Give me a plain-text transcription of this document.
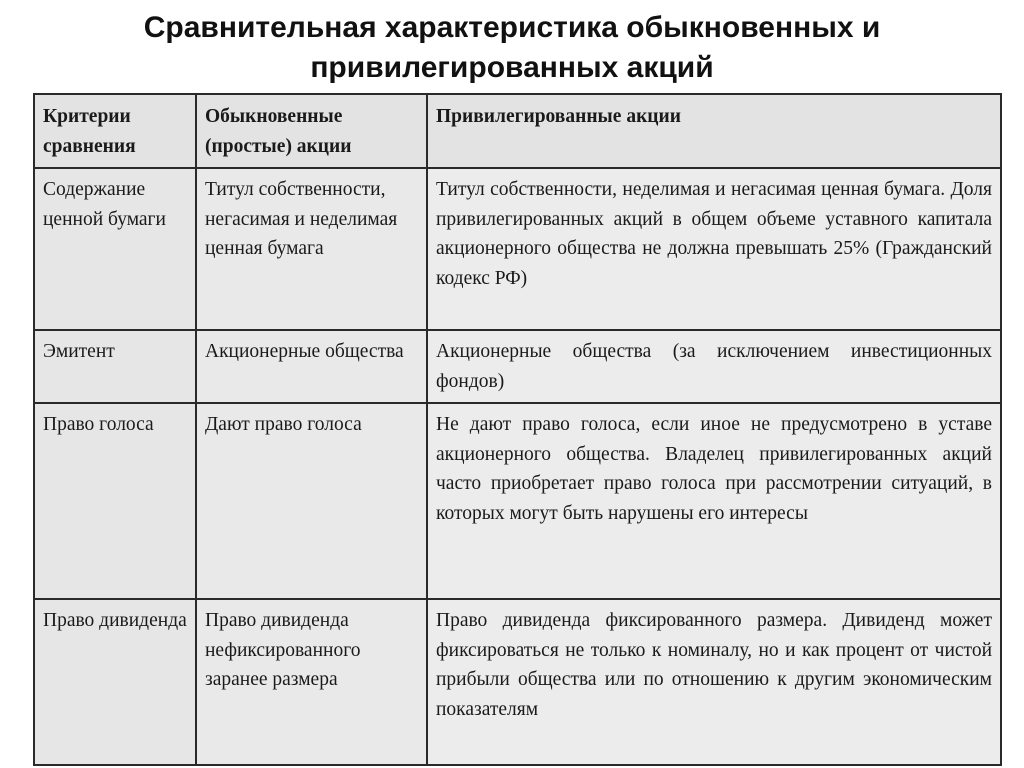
Сравнительная характеристика обыкновенных и
привилегированных акций
Критерии сравнения	Обыкновенные (простые) акции	Привилегированные акции
Содержание ценной бумаги	Титул собственности, негасимая и неделимая ценная бумага	Титул собственности, неделимая и негасимая ценная бумага. Доля привилегированных акций в общем объеме уставного капитала акционерного общества не должна превышать 25% (Гражданский кодекс РФ)
Эмитент	Акционерные общества	Акционерные общества (за исключением инвестиционных фондов)
Право голоса	Дают право голоса	Не дают право голоса, если иное не предусмотрено в уставе акционерного общества. Владелец привилегированных акций часто приобретает право голоса при рассмотрении ситуаций, в которых могут быть нарушены его интересы
Право дивиденда	Право дивиденда нефиксированного заранее размера	Право дивиденда фиксированного размера. Дивиденд может фиксироваться не только к номиналу, но и как процент от чистой прибыли общества или по отношению к другим экономическим показателям
